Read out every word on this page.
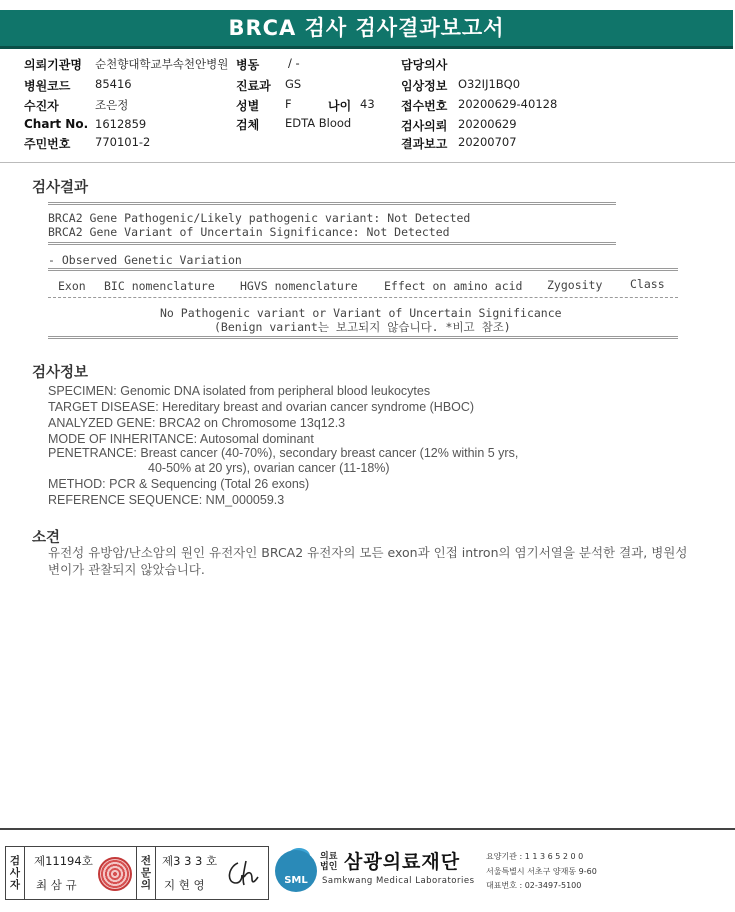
BRCA 검사 검사결과보고서
의뢰기관명 순천향대학교부속천안병원 병동	/ -	담당의사
병원코드 85416	진료과 GS	임상정보 O32IJ1BQ0
수진자	조은정	성별 F	나이 43 접수번호 20200629-40128
Chart No. 1612859	검체 EDTA Blood	검사의뢰 20200629
주민번호 770101-2	결과보고 20200707
검사결과
BRCA2 Gene Pathogenic/Likely pathogenic variant: Not Detected
BRCA2 Gene Variant of Uncertain Significance: Not Detected
- Observed Genetic Variation
Exon BIC nomenclature HGVS nomenclature Effect on amino acid Zygosity Class
No Pathogenic variant or Variant of Uncertain Significance
(Benign variant는 보고되지 않습니다. *비고 참조)
검사정보
SPECIMEN: Genomic DNA isolated from peripheral blood leukocytes
TARGET DISEASE: Hereditary breast and ovarian cancer syndrome (HBOC)
ANALYZED GENE: BRCA2 on Chromosome 13q12.3
MODE OF INHERITANCE: Autosomal dominant
PENETRANCE: Breast cancer (40-70%), secondary breast cancer (12% within 5 yrs,
40-50% at 20 yrs), ovarian cancer (11-18%)
METHOD: PCR & Sequencing (Total 26 exons)
REFERENCE SEQUENCE: NM_000059.3
소견
유전성 유방암/난소암의 원인 유전자인 BRCA2 유전자의 모든 exon과 인접 intron의 염기서열을 분석한 결과, 병원성 변이가 관찰되지 않았습니다.
검
사
자
제11194호
최 삼 규
전
문
의
제3 3 3 호
지 현 영	SML
의료
법인 삼광의료재단
Samkwang Medical Laboratories
요양기관 : 1 1 3 6 5 2 0 0
서울특별시 서초구 양재동 9-60
대표번호 : 02-3497-5100
